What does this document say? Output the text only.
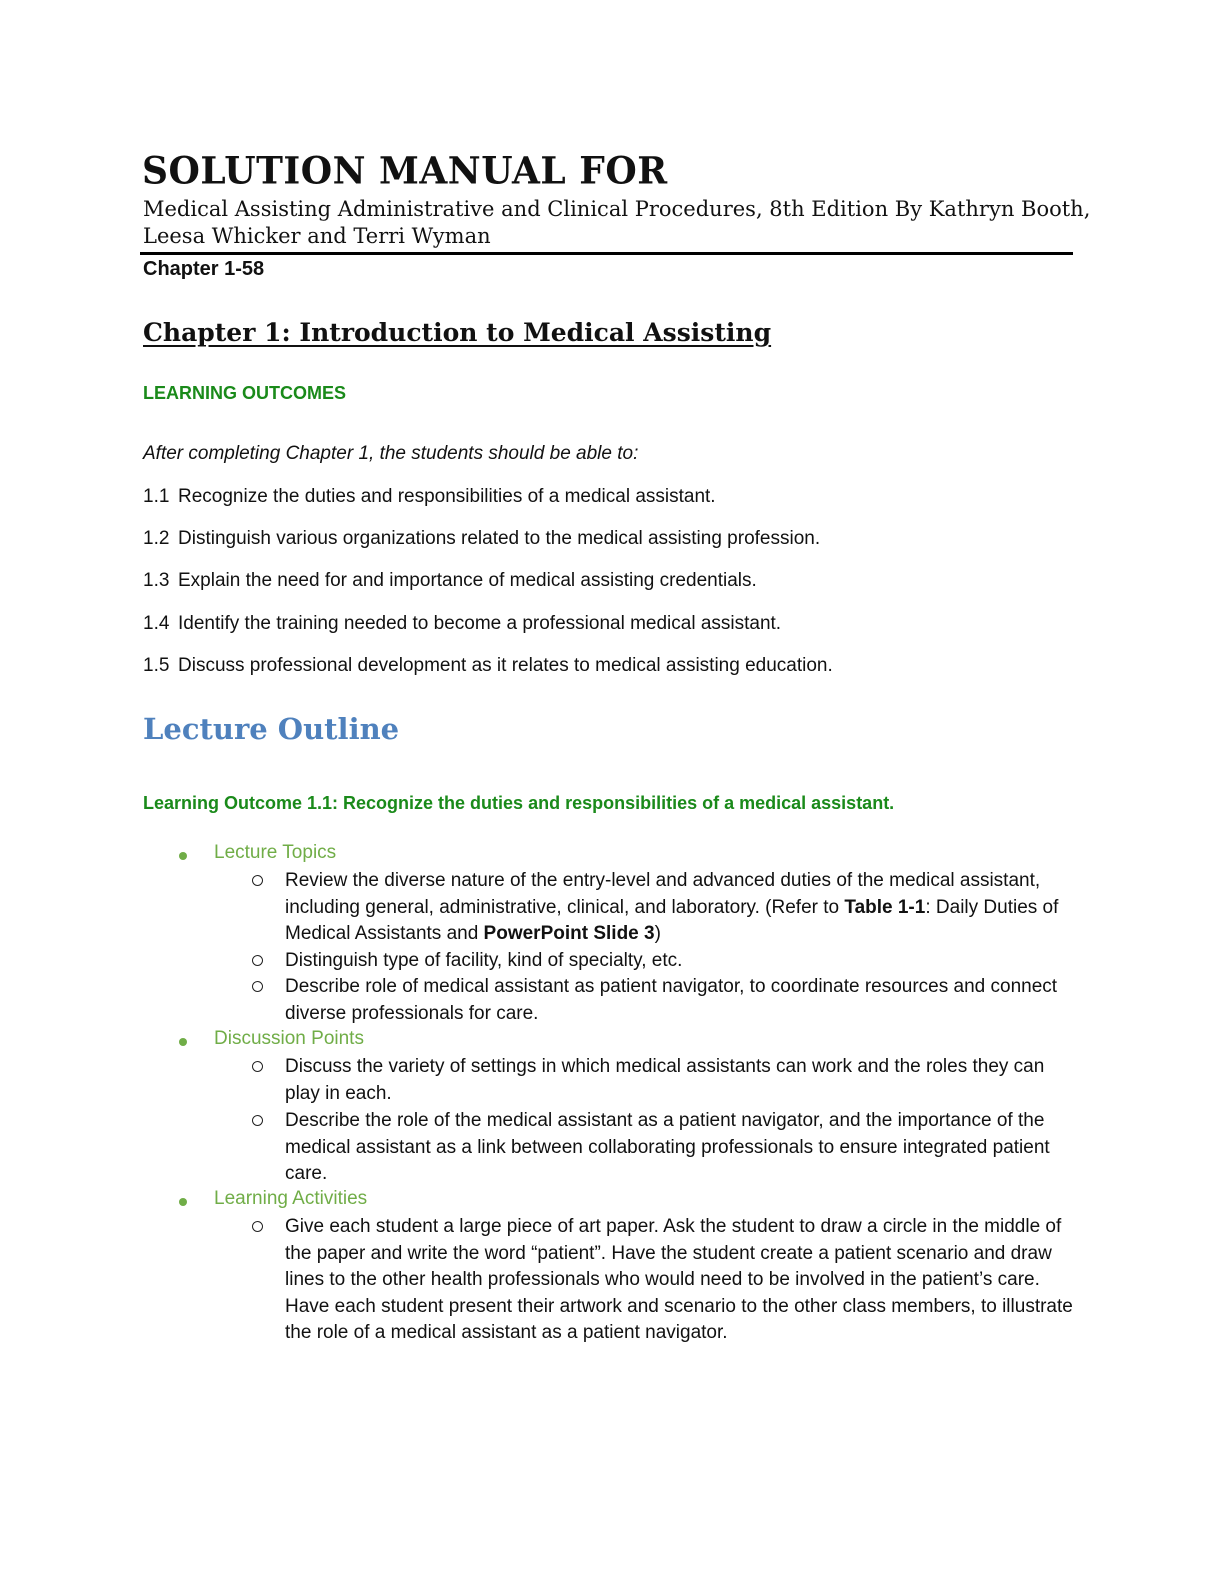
SOLUTION MANUAL FOR
Medical Assisting Administrative and Clinical Procedures, 8th Edition By Kathryn Booth,
Leesa Whicker and Terri Wyman
Chapter 1-58
Chapter 1: Introduction to Medical Assisting
LEARNING OUTCOMES
After completing Chapter 1, the students should be able to:
1.1 Recognize the duties and responsibilities of a medical assistant.
1.2 Distinguish various organizations related to the medical assisting profession.
1.3 Explain the need for and importance of medical assisting credentials.
1.4 Identify the training needed to become a professional medical assistant.
1.5 Discuss professional development as it relates to medical assisting education.
Lecture Outline
Learning Outcome 1.1: Recognize the duties and responsibilities of a medical assistant.
Lecture Topics
Review the diverse nature of the entry-level and advanced duties of the medical assistant, including general, administrative, clinical, and laboratory. (Refer to Table 1-1: Daily Duties of Medical Assistants and PowerPoint Slide 3)
Distinguish type of facility, kind of specialty, etc.
Describe role of medical assistant as patient navigator, to coordinate resources and connect diverse professionals for care.
Discussion Points
Discuss the variety of settings in which medical assistants can work and the roles they can play in each.
Describe the role of the medical assistant as a patient navigator, and the importance of the medical assistant as a link between collaborating professionals to ensure integrated patient care.
Learning Activities
Give each student a large piece of art paper. Ask the student to draw a circle in the middle of the paper and write the word “patient”. Have the student create a patient scenario and draw lines to the other health professionals who would need to be involved in the patient’s care. Have each student present their artwork and scenario to the other class members, to illustrate the role of a medical assistant as a patient navigator.
